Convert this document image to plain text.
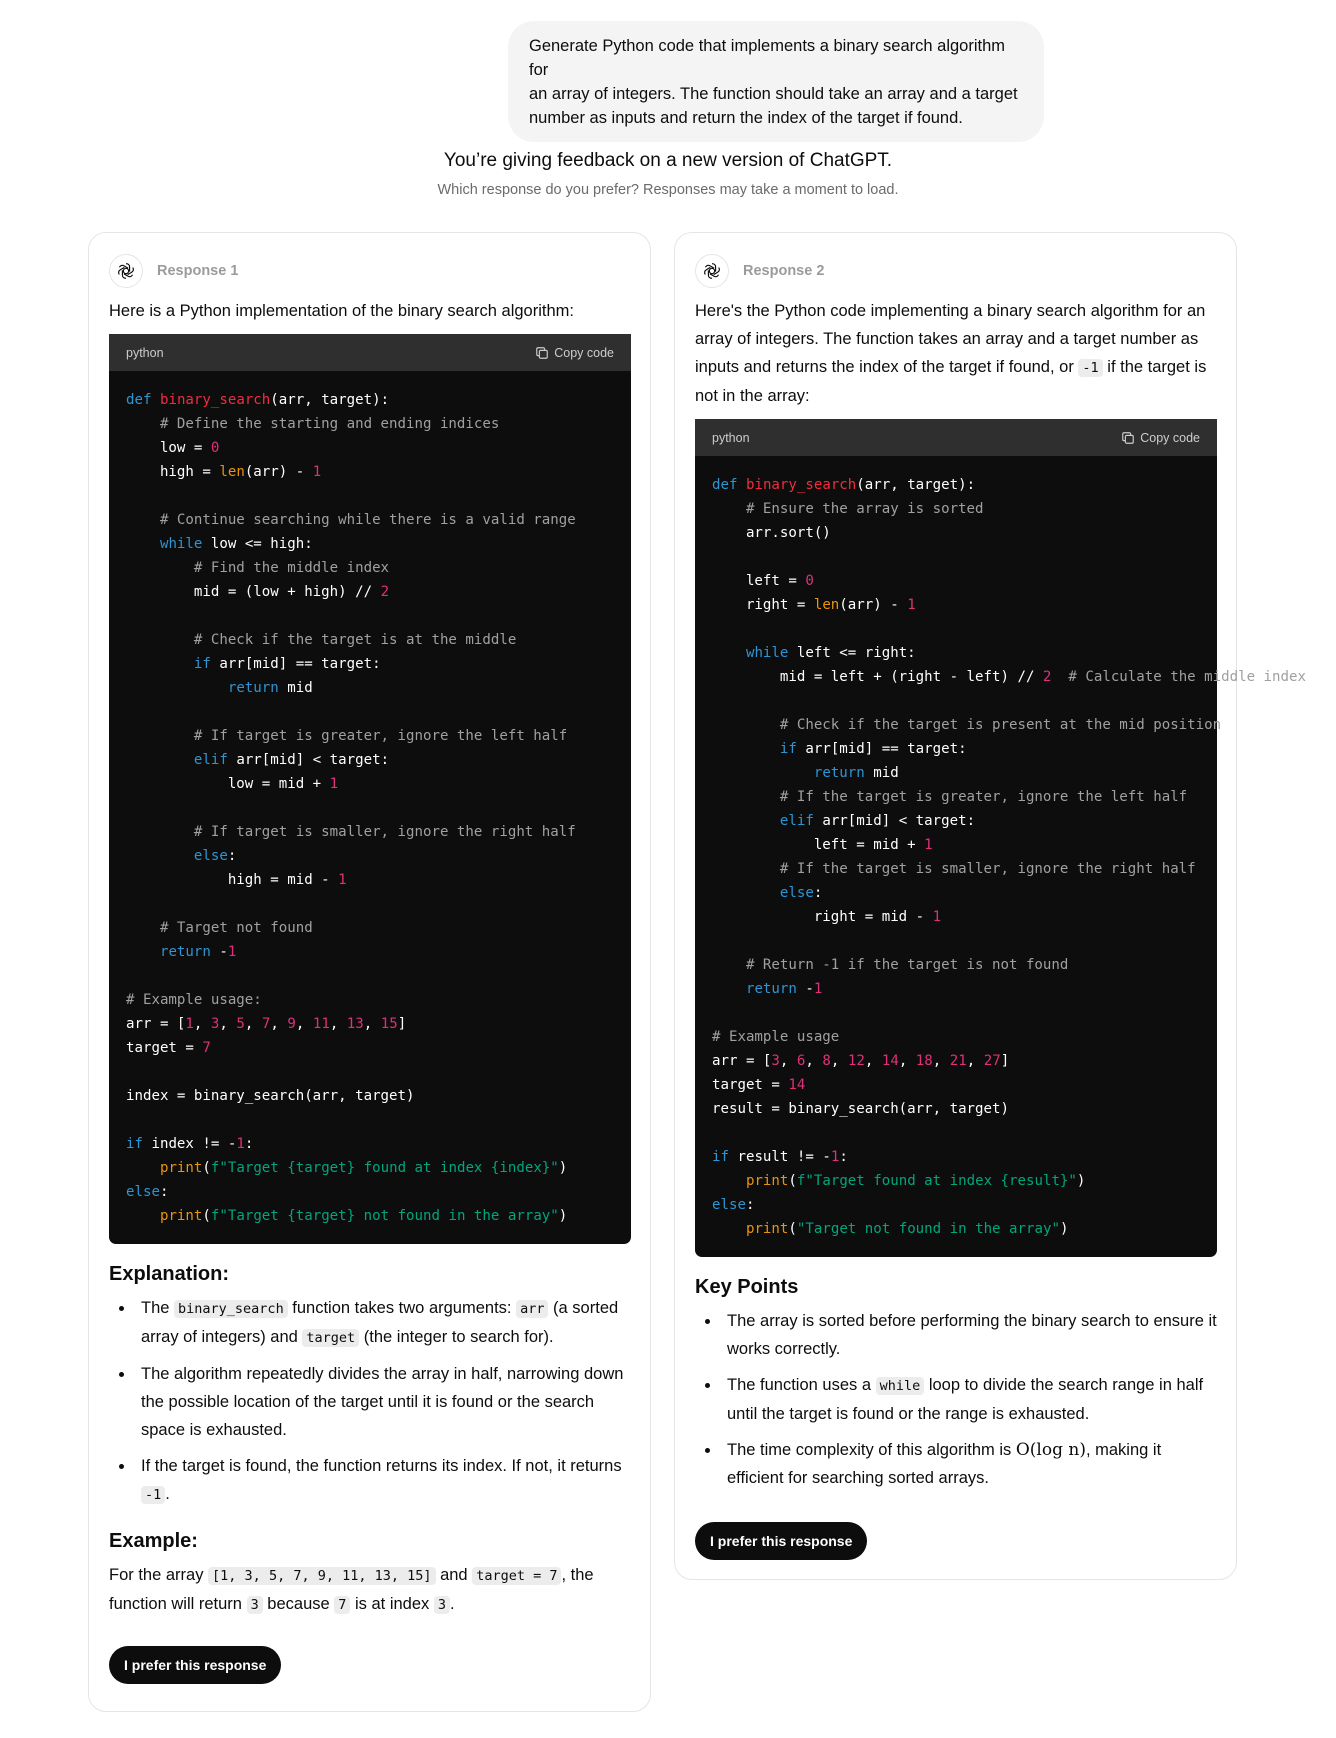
Generate Python code that implements a binary search algorithm for
an array of integers. The function should take an array and a target
number as inputs and return the index of the target if found.
You’re giving feedback on a new version of ChatGPT.
Which response do you prefer? Responses may take a moment to load.
Response 1

Here is a Python implementation of the binary search algorithm:

python	Copy code
def binary_search(arr, target):
# Define the starting and ending indices
low = 0
high = len(arr) - 1
# Continue searching while there is a valid range
while low <= high:
# Find the middle index
mid = (low + high) // 2
# Check if the target is at the middle
if arr[mid] == target:
return mid
# If target is greater, ignore the left half
elif arr[mid] < target:
low = mid + 1
# If target is smaller, ignore the right half
else:
high = mid - 1
# Target not found
return -1
# Example usage:
arr = [1, 3, 5, 7, 9, 11, 13, 15]
target = 7
index = binary_search(arr, target)
if index != -1:
print(f"Target {target} found at index {index}")
else:
print(f"Target {target} not found in the array")
Explanation:
The binary_search function takes two arguments: arr (a sorted array of integers) and target (the integer to search for).
The algorithm repeatedly divides the array in half, narrowing down the possible location of the target until it is found or the search space is exhausted.
If the target is found, the function returns its index. If not, it returns -1 .
Example:

For the array [1, 3, 5, 7, 9, 11, 13, 15] and target = 7 , the function will return 3 because 7 is at index 3 .

I prefer this response
Response 2

Here's the Python code implementing a binary search algorithm for an array of integers. The function takes an array and a target number as inputs and returns the index of the target if found, or -1 if the target is not in the array:

python	Copy code
def binary_search(arr, target):
# Ensure the array is sorted
arr.sort()
left = 0
right = len(arr) - 1
while left <= right:
mid = left + (right - left) // 2  # Calculate the middle index
# Check if the target is present at the mid position
if arr[mid] == target:
return mid
# If the target is greater, ignore the left half
elif arr[mid] < target:
left = mid + 1
# If the target is smaller, ignore the right half
else:
right = mid - 1
# Return -1 if the target is not found
return -1
# Example usage
arr = [3, 6, 8, 12, 14, 18, 21, 27]
target = 14
result = binary_search(arr, target)
if result != -1:
print(f"Target found at index {result}")
else:
print("Target not found in the array")
Key Points
The array is sorted before performing the binary search to ensure it works correctly.
The function uses a while loop to divide the search range in half until the target is found or the range is exhausted.
The time complexity of this algorithm is O(log n), making it efficient for searching sorted arrays.
I prefer this response
